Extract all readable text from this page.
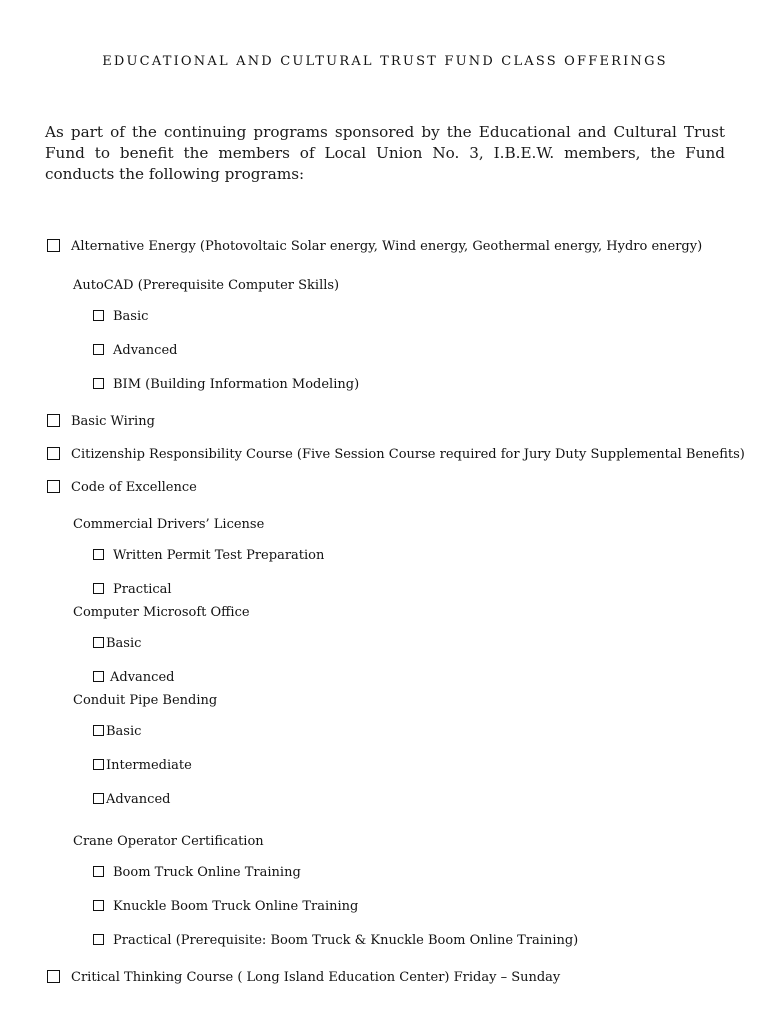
EDUCATIONAL AND CULTURAL TRUST FUND CLASS OFFERINGS
As part of the continuing programs sponsored by the Educational and Cultural Trust Fund to benefit the members of Local Union No. 3, I.B.E.W. members, the Fund conducts the following programs:
Alternative Energy (Photovoltaic Solar energy, Wind energy, Geothermal energy, Hydro energy)
AutoCAD (Prerequisite Computer Skills)
Basic
Advanced
BIM (Building Information Modeling)
Basic Wiring
Citizenship Responsibility Course (Five Session Course required for Jury Duty Supplemental Benefits)
Code of Excellence
Commercial Drivers’ License
Written Permit Test Preparation
Practical
Computer Microsoft Office
Basic
Advanced
Conduit Pipe Bending
Basic
Intermediate
Advanced
Crane Operator Certification
Boom Truck Online Training
Knuckle Boom Truck Online Training
Practical (Prerequisite: Boom Truck & Knuckle Boom Online Training)
Critical Thinking Course ( Long Island Education Center) Friday – Sunday
